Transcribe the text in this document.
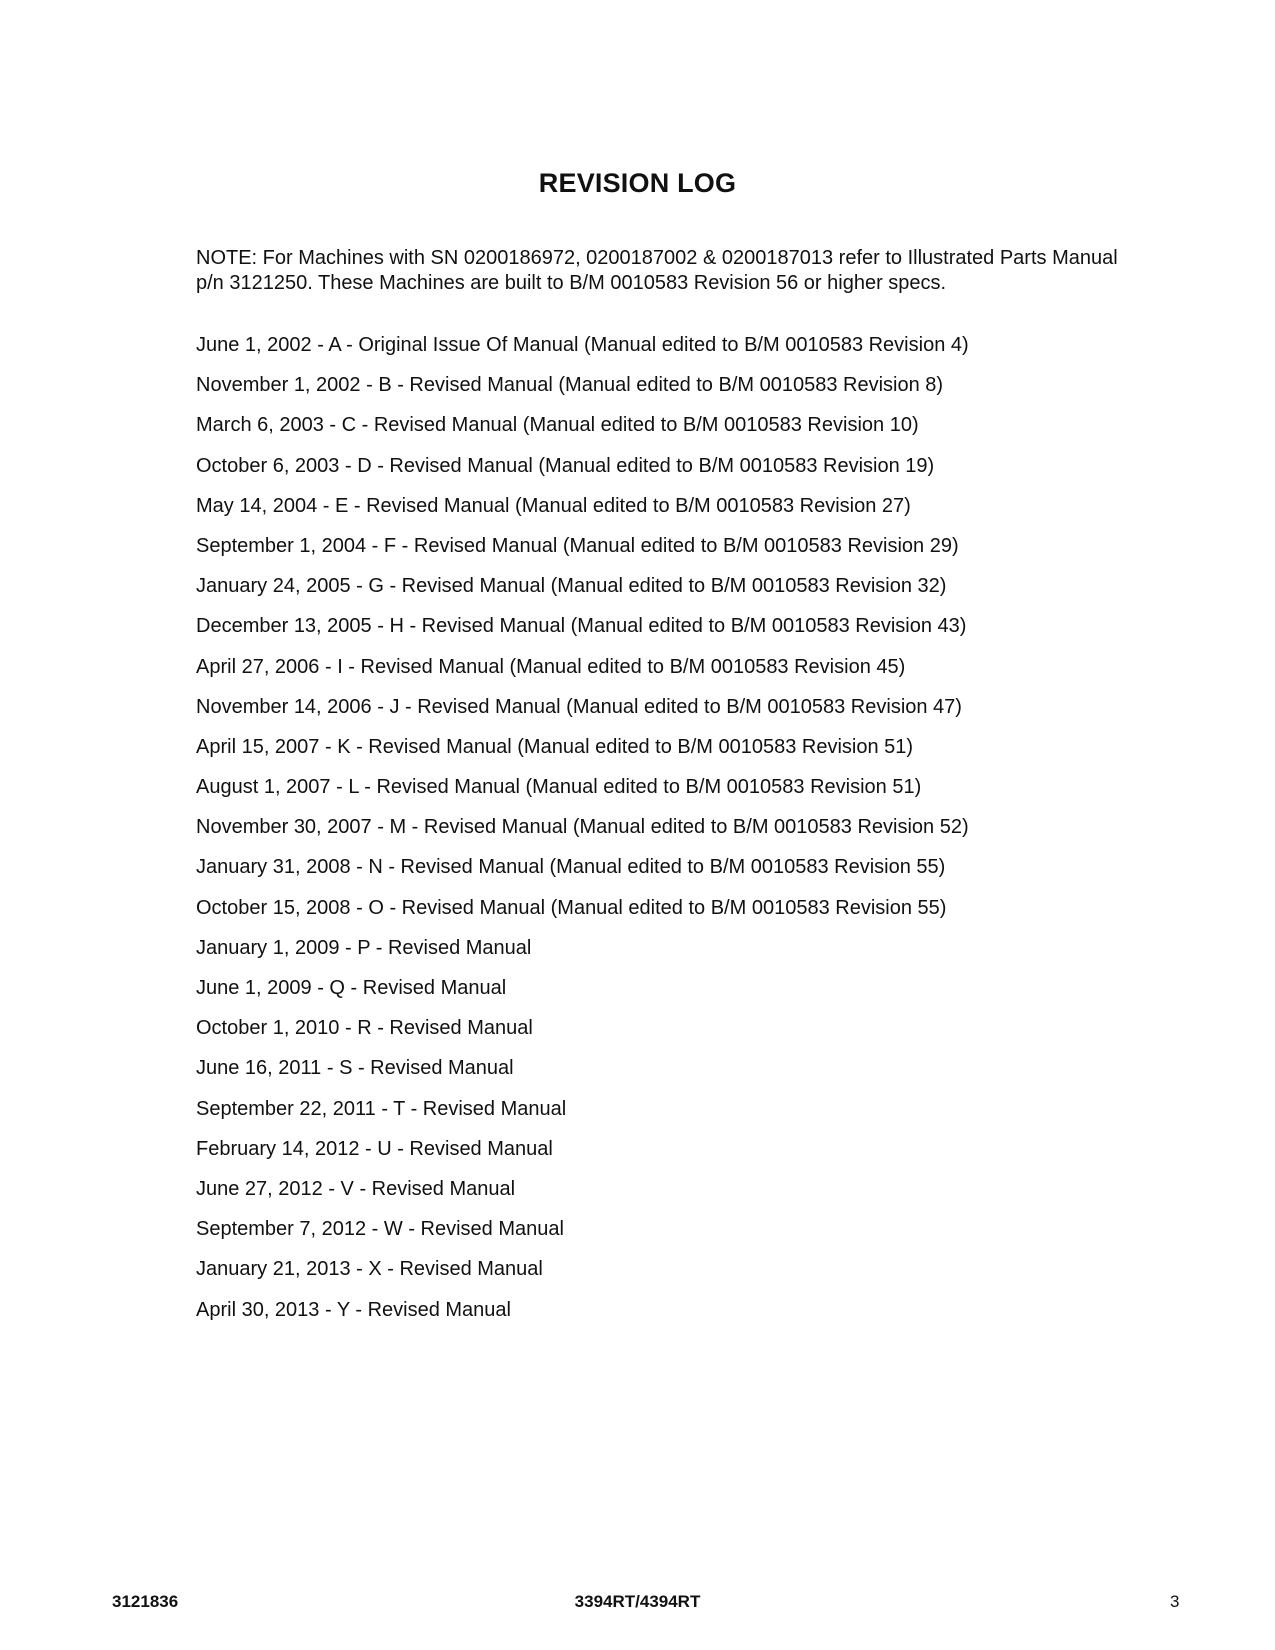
REVISION LOG

NOTE: For Machines with SN 0200186972, 0200187002 & 0200187013 refer to Illustrated Parts Manual p/n 3121250. These Machines are built to B/M 0010583 Revision 56 or higher specs.

June 1, 2002 - A - Original Issue Of Manual (Manual edited to B/M 0010583 Revision 4)
November 1, 2002 - B - Revised Manual (Manual edited to B/M 0010583 Revision 8)
March 6, 2003 - C - Revised Manual (Manual edited to B/M 0010583 Revision 10)
October 6, 2003 - D - Revised Manual (Manual edited to B/M 0010583 Revision 19)
May 14, 2004 - E - Revised Manual (Manual edited to B/M 0010583 Revision 27)
September 1, 2004 - F - Revised Manual (Manual edited to B/M 0010583 Revision 29)
January 24, 2005 - G - Revised Manual (Manual edited to B/M 0010583 Revision 32)
December 13, 2005 - H - Revised Manual (Manual edited to B/M 0010583 Revision 43)
April 27, 2006 - I - Revised Manual (Manual edited to B/M 0010583 Revision 45)
November 14, 2006 - J - Revised Manual (Manual edited to B/M 0010583 Revision 47)
April 15, 2007 - K - Revised Manual (Manual edited to B/M 0010583 Revision 51)
August 1, 2007 - L - Revised Manual (Manual edited to B/M 0010583 Revision 51)
November 30, 2007 - M - Revised Manual (Manual edited to B/M 0010583 Revision 52)
January 31, 2008 - N - Revised Manual (Manual edited to B/M 0010583 Revision 55)
October 15, 2008 - O - Revised Manual (Manual edited to B/M 0010583 Revision 55)
January 1, 2009 - P - Revised Manual
June 1, 2009 - Q - Revised Manual
October 1, 2010 - R - Revised Manual
June 16, 2011 - S - Revised Manual
September 22, 2011 - T - Revised Manual
February 14, 2012 - U - Revised Manual
June 27, 2012 - V - Revised Manual
September 7, 2012 - W - Revised Manual
January 21, 2013 - X - Revised Manual
April 30, 2013 - Y - Revised Manual
3121836	3394RT/4394RT	3
